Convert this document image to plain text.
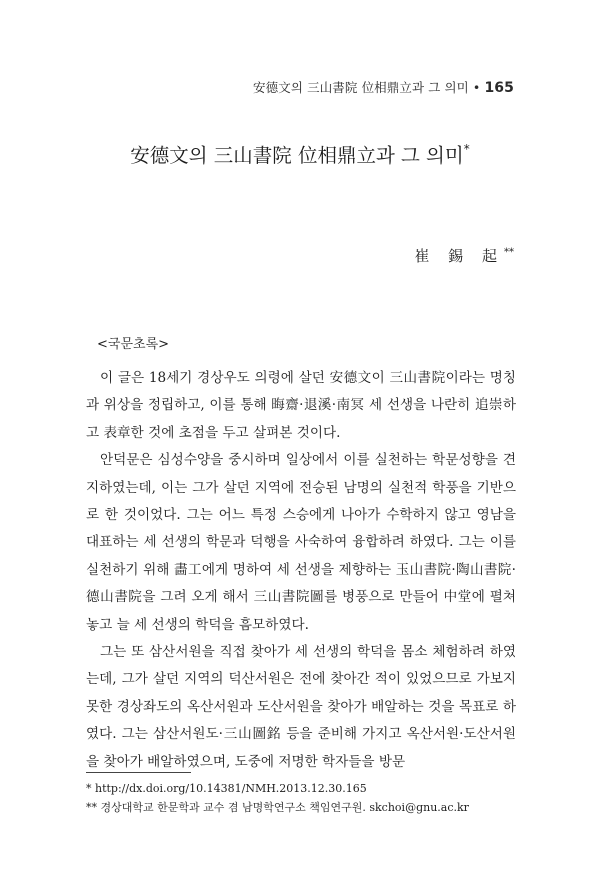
安德文의 三山書院 位相鼎立과 그 의미 • 165
安德文의 三山書院 位相鼎立과 그 의미*
崔 錫 起**
<국문초록>

이 글은 18세기 경상우도 의령에 살던 安德文이 三山書院이라는 명칭과 위상을 정립하고, 이를 통해 晦齋·退溪·南冥 세 선생을 나란히 追崇하고 表章한 것에 초점을 두고 살펴본 것이다.

안덕문은 심성수양을 중시하며 일상에서 이를 실천하는 학문성향을 견지하였는데, 이는 그가 살던 지역에 전승된 남명의 실천적 학풍을 기반으로 한 것이었다. 그는 어느 특정 스승에게 나아가 수학하지 않고 영남을 대표하는 세 선생의 학문과 덕행을 사숙하여 융합하려 하였다. 그는 이를 실천하기 위해 畵工에게 명하여 세 선생을 제향하는 玉山書院·陶山書院·德山書院을 그려 오게 해서 三山書院圖를 병풍으로 만들어 中堂에 펼쳐놓고 늘 세 선생의 학덕을 흠모하였다.

그는 또 삼산서원을 직접 찾아가 세 선생의 학덕을 몸소 체험하려 하였는데, 그가 살던 지역의 덕산서원은 전에 찾아간 적이 있었으므로 가보지 못한 경상좌도의 옥산서원과 도산서원을 찾아가 배알하는 것을 목표로 하였다. 그는 삼산서원도·三山圖銘 등을 준비해 가지고 옥산서원·도산서원을 찾아가 배알하였으며, 도중에 저명한 학자들을 방문

* http://dx.doi.org/10.14381/NMH.2013.12.30.165
** 경상대학교 한문학과 교수 겸 남명학연구소 책임연구원. skchoi@gnu.ac.kr
